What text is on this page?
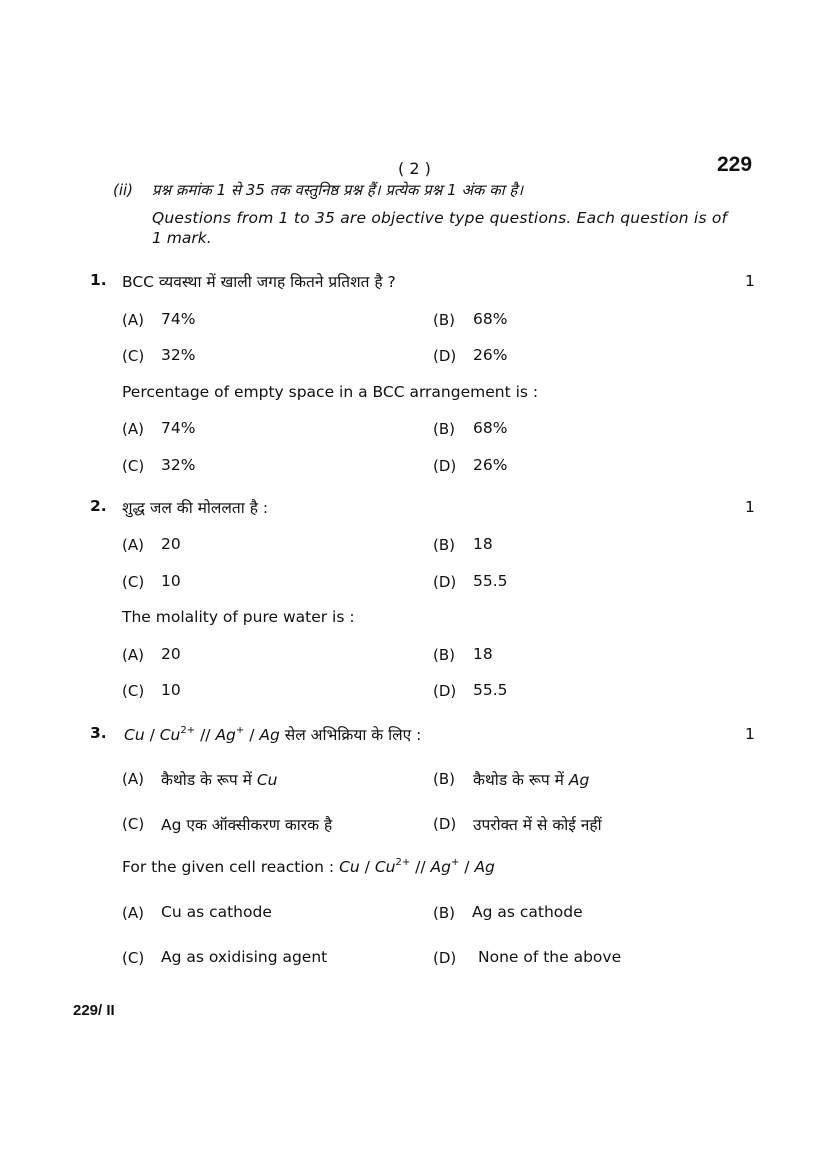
( 2 )	229
(ii) प्रश्न क्रमांक 1 से 35 तक वस्तुनिष्ठ प्रश्न हैं। प्रत्येक प्रश्न 1 अंक का है।
Questions from 1 to 35 are objective type questions. Each question is of
1 mark.
1. BCC व्यवस्था में खाली जगह कितने प्रतिशत है ?	1
(A) 74%	(B) 68%
(C) 32%	(D) 26%
Percentage of empty space in a BCC arrangement is :
(A) 74%	(B) 68%
(C) 32%	(D) 26%
2. शुद्ध जल की मोललता है :	1
(A) 20	(B) 18
(C) 10	(D) 55.5
The molality of pure water is :
(A) 20	(B) 18
(C) 10	(D) 55.5
3. Cu / $Cu^{2+} // Ag^+$ / Ag सेल अभिक्रिया के लिए :	1
(A) कैथोड के रूप में Cu	(B) कैथोड के रूप में Ag
(C) Ag एक ऑक्सीकरण कारक है	(D) उपरोक्त में से कोई नहीं
For the given cell reaction : Cu / $Cu^{2+} // Ag^+$ / Ag
(A) Cu as cathode	(B) Ag as cathode
(C) Ag as oxidising agent	(D) None of the above
229/ II
